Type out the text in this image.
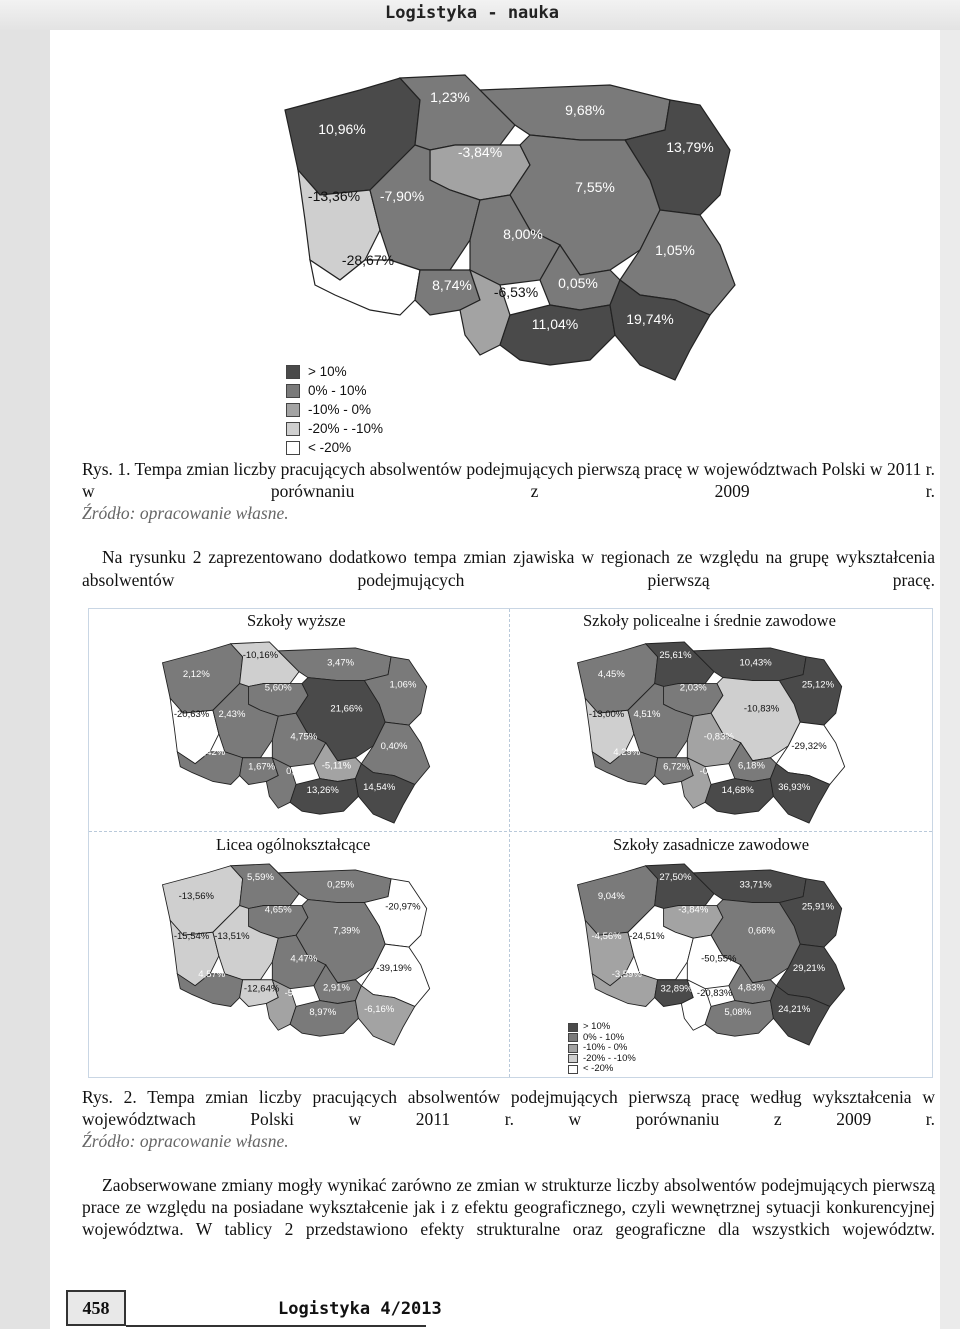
Logistyka - nauka
10,96%
1,23%
9,68%
-3,84%	13,79%
-13,36% -7,90%
7,55%
8,00%
1,05%
-28,67%
8,74% -6,53%
0,05%
11,04%	19,74%
> 10%
0% - 10%
-10% - 0%
-20% - -10%
< -20%
Rys. 1. Tempa zmian liczby pracujących absolwentów podejmujących pierwszą pracę w województwach Polski w 2011 r. w porównaniu z 2009 r.
Źródło: opracowanie własne.
Na rysunku 2 zaprezentowano dodatkowo tempa zmian zjawiska w regionach ze względu na grupę wykształcenia absolwentów podejmujących pierwszą pracę.
Szkoły wyższe	Szkoły policealne i średnie zawodowe
Licea ogólnokształcące	Szkoły zasadnicze zawodowe
2,12%
-10,16%
3,47%
5,60%	1,06%
-20,63% 2,43%	21,66%
4,75%
0,40%
3,42%
1,67% 0,46% -5,11%
13,26% 14,54%
4,45%
25,61%
10,43%
2,03%	25,12%
-13,00% 4,51%	-10,83%
-0,83%
-29,32%
4,29%
6,72% -0,47% 6,18%
14,68% 36,93%
-13,56%
5,59%
0,25%
4,65%	-20,97%
-15,54% -13,51%	7,39%
4,47%
-39,19%
4,57%
-12,64% -5,46% 2,91%
8,97% -6,16%
9,04%
27,50%
33,71%
-3,84%	25,91%
-4,56% -24,51%	0,66%
-50,55%
29,21%
-3,59%
32,89% -20,83% 4,83%
5,08% 24,21%
> 10%
0% - 10%
-10% - 0%
-20% - -10%
< -20%
Rys. 2. Tempa zmian liczby pracujących absolwentów podejmujących pierwszą pracę według wykształcenia w województwach Polski w 2011 r. w porównaniu z 2009 r.
Źródło: opracowanie własne.
Zaobserwowane zmiany mogły wynikać zarówno ze zmian w strukturze liczby absolwentów podejmujących pierwszą prace ze względu na posiadane wykształcenie jak i z efektu geograficznego, czyli wewnętrznej sytuacji konkurencyjnej województwa. W tablicy 2 przedstawiono efekty strukturalne oraz geograficzne dla wszystkich województw.
458	Logistyka 4/2013
